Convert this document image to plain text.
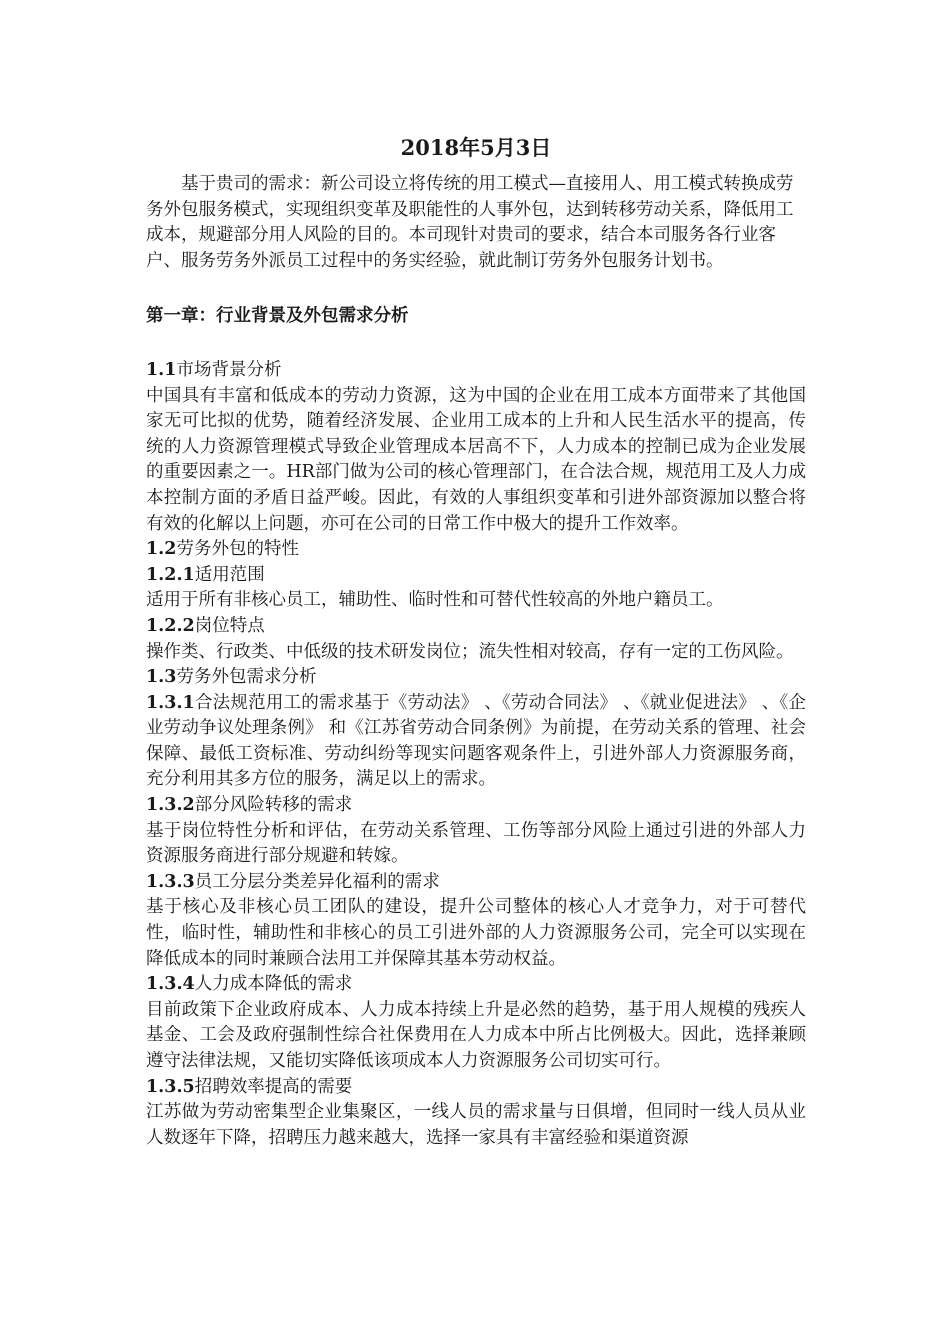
2018年5月3日

基于贵司的需求：新公司设立将传统的用工模式—直接用人、用工模式转换成劳务外包服务模式，实现组织变革及职能性的人事外包，达到转移劳动关系，降低用工成本，规避部分用人风险的目的。本司现针对贵司的要求，结合本司服务各行业客户、服务劳务外派员工过程中的务实经验，就此制订劳务外包服务计划书。

第一章：行业背景及外包需求分析

1.1市场背景分析

中国具有丰富和低成本的劳动力资源，这为中国的企业在用工成本方面带来了其他国家无可比拟的优势，随着经济发展、企业用工成本的上升和人民生活水平的提高，传统的人力资源管理模式导致企业管理成本居高不下，人力成本的控制已成为企业发展的重要因素之一。HR部门做为公司的核心管理部门，在合法合规，规范用工及人力成本控制方面的矛盾日益严峻。因此，有效的人事组织变革和引进外部资源加以整合将有效的化解以上问题，亦可在公司的日常工作中极大的提升工作效率。

1.2劳务外包的特性

1.2.1适用范围

适用于所有非核心员工，辅助性、临时性和可替代性较高的外地户籍员工。

1.2.2岗位特点

操作类、行政类、中低级的技术研发岗位；流失性相对较高，存有一定的工伤风险。

1.3劳务外包需求分析

1.3.1合法规范用工的需求基于《劳动法》 、《劳动合同法》 、《就业促进法》 、《企业劳动争议处理条例》 和《江苏省劳动合同条例》为前提，在劳动关系的管理、社会保障、最低工资标准、劳动纠纷等现实问题客观条件上，引进外部人力资源服务商，充分利用其多方位的服务，满足以上的需求。

1.3.2部分风险转移的需求

基于岗位特性分析和评估，在劳动关系管理、工伤等部分风险上通过引进的外部人力资源服务商进行部分规避和转嫁。

1.3.3员工分层分类差异化福利的需求

基于核心及非核心员工团队的建设，提升公司整体的核心人才竞争力，对于可替代性，临时性，辅助性和非核心的员工引进外部的人力资源服务公司，完全可以实现在降低成本的同时兼顾合法用工并保障其基本劳动权益。

1.3.4人力成本降低的需求

目前政策下企业政府成本、人力成本持续上升是必然的趋势，基于用人规模的残疾人基金、工会及政府强制性综合社保费用在人力成本中所占比例极大。因此，选择兼顾遵守法律法规，又能切实降低该项成本人力资源服务公司切实可行。

1.3.5招聘效率提高的需要

江苏做为劳动密集型企业集聚区，一线人员的需求量与日俱增，但同时一线人员从业人数逐年下降，招聘压力越来越大，选择一家具有丰富经验和渠道资源
